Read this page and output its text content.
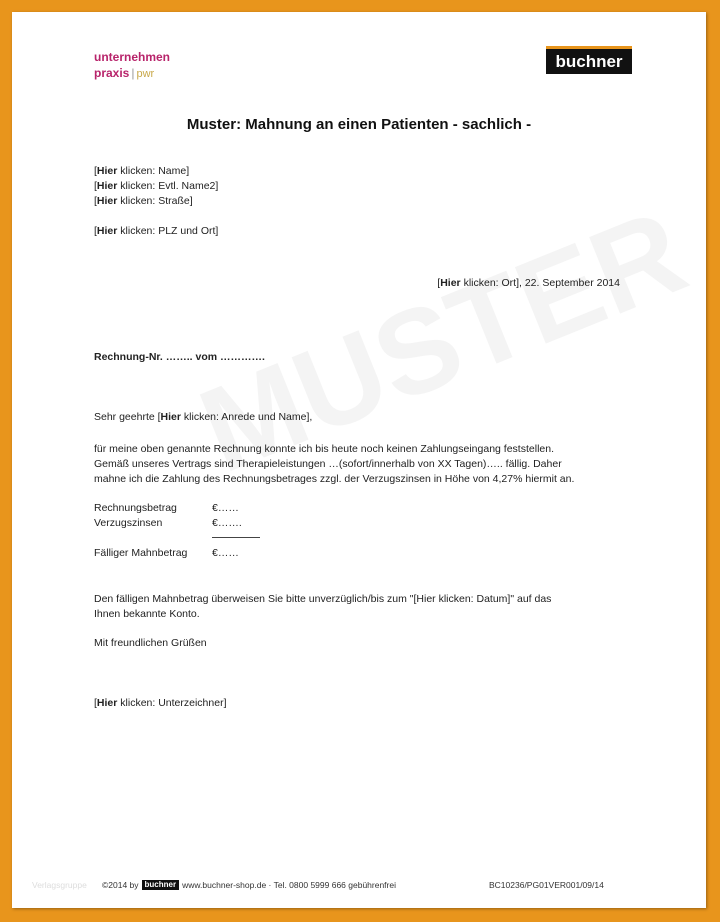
unternehmen
praxis | pwr
buchner
Muster: Mahnung an einen Patienten - sachlich -
[Hier klicken: Name]
[Hier klicken: Evtl. Name2]
[Hier klicken: Straße]
[Hier klicken: PLZ und Ort]
[Hier klicken: Ort], 22. September 2014
Rechnung-Nr. …….. vom ………….
Sehr geehrte [Hier klicken: Anrede und Name],
für meine oben genannte Rechnung konnte ich bis heute noch keinen Zahlungseingang feststellen.
Gemäß unseres Vertrags sind Therapieleistungen …(sofort/innerhalb von XX Tagen)….. fällig. Daher
mahne ich die Zahlung des Rechnungsbetrages zzgl. der Verzugszinsen in Höhe von 4,27% hiermit an.
Rechnungsbetrag	€……
Verzugszinsen	€…….
Fälliger Mahnbetrag	€……
Den fälligen Mahnbetrag überweisen Sie bitte unverzüglich/bis zum "[Hier klicken: Datum]" auf das
Ihnen bekannte Konto.
Mit freundlichen Grüßen
[Hier klicken: Unterzeichner]
Verlagsgruppe ©2014 by buchner www.buchner-shop.de · Tel. 0800 5999 666 gebührenfrei	BC10236/PG01VER001/09/14
